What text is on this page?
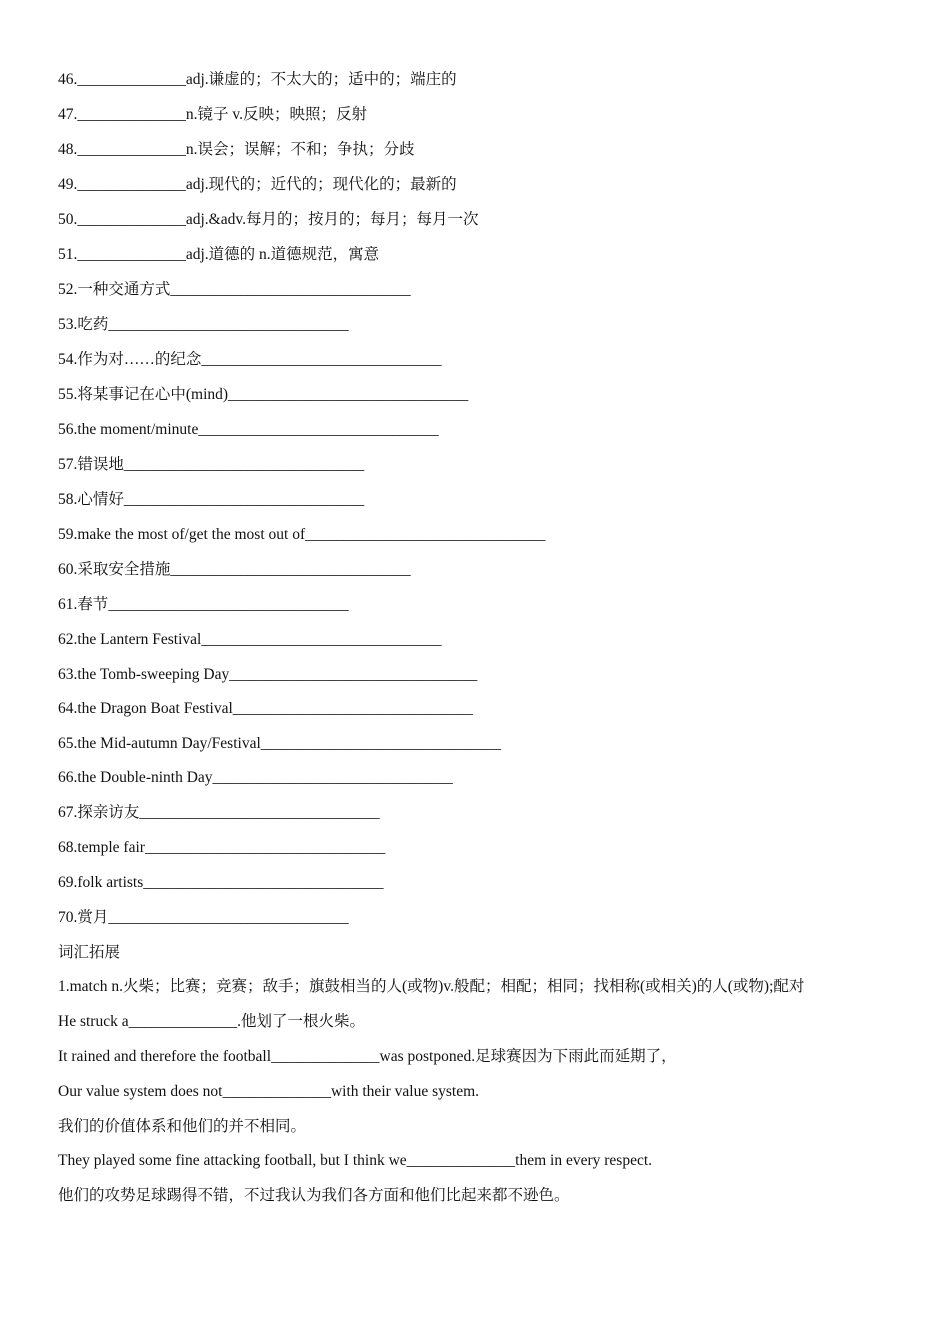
46.______________adj.谦虚的；不太大的；适中的；端庄的
47.______________n.镜子 v.反映；映照；反射
48.______________n.误会；误解；不和；争执；分歧
49.______________adj.现代的；近代的；现代化的；最新的
50.______________adj.&adv.每月的；按月的；每月；每月一次
51.______________adj.道德的 n.道德规范，寓意
52.一种交通方式_______________________________
53.吃药_______________________________
54.作为对……的纪念_______________________________
55.将某事记在心中(mind)_______________________________
56.the moment/minute_______________________________
57.错误地_______________________________
58.心情好_______________________________
59.make the most of/get the most out of_______________________________
60.采取安全措施_______________________________
61.春节_______________________________
62.the Lantern Festival_______________________________
63.the Tomb-sweeping Day________________________________
64.the Dragon Boat Festival_______________________________
65.the Mid-autumn Day/Festival_______________________________
66.the Double-ninth Day_______________________________
67.探亲访友_______________________________
68.temple fair_______________________________
69.folk artists_______________________________
70.赏月_______________________________
词汇拓展
1.match n.火柴；比赛；竞赛；敌手；旗鼓相当的人(或物)v.般配；相配；相同；找相称(或相关)的人(或物);配对
He struck a______________.他划了一根火柴。
It rained and therefore the football______________was postponed.足球赛因为下雨此而延期了，
Our value system does not______________with their value system.
我们的价值体系和他们的并不相同。
They played some fine attacking football, but I think we______________them in every respect.
他们的攻势足球踢得不错，不过我认为我们各方面和他们比起来都不逊色。
